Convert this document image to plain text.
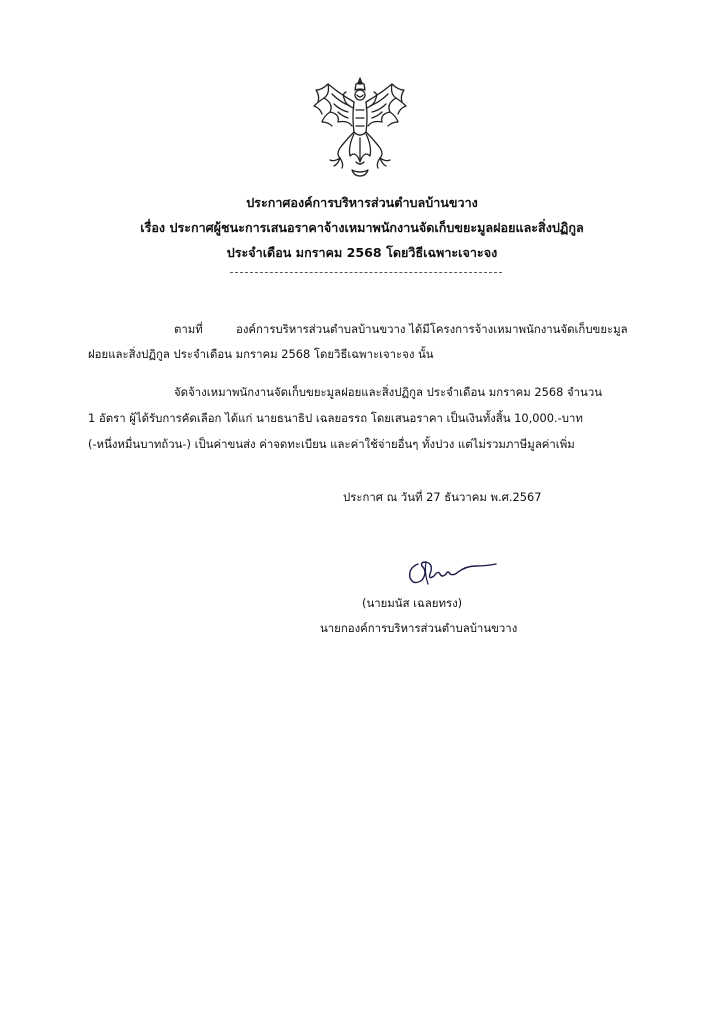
ประกาศองค์การบริหารส่วนตำบลบ้านขวาง
เรื่อง ประกาศผู้ชนะการเสนอราคาจ้างเหมาพนักงานจัดเก็บขยะมูลฝอยและสิ่งปฏิกูล
ประจำเดือน มกราคม 2568 โดยวิธีเฉพาะเจาะจง
ตามที่	องค์การบริหารส่วนตำบลบ้านขวาง ได้มีโครงการจ้างเหมาพนักงานจัดเก็บขยะมูล
ฝอยและสิ่งปฏิกูล ประจำเดือน มกราคม 2568 โดยวิธีเฉพาะเจาะจง นั้น
จัดจ้างเหมาพนักงานจัดเก็บขยะมูลฝอยและสิ่งปฏิกูล ประจำเดือน มกราคม 2568 จำนวน
1 อัตรา ผู้ได้รับการคัดเลือก ได้แก่ นายธนาธิป เฉลยอรรถ โดยเสนอราคา เป็นเงินทั้งสิ้น 10,000.-บาท
(-หนึ่งหมื่นบาทถ้วน-) เป็นค่าขนส่ง ค่าจดทะเบียน และค่าใช้จ่ายอื่นๆ ทั้งปวง แต่ไม่รวมภาษีมูลค่าเพิ่ม
ประกาศ ณ วันที่ 27 ธันวาคม พ.ศ.2567
(นายมนัส เฉลยทรง)
นายกองค์การบริหารส่วนตำบลบ้านขวาง
